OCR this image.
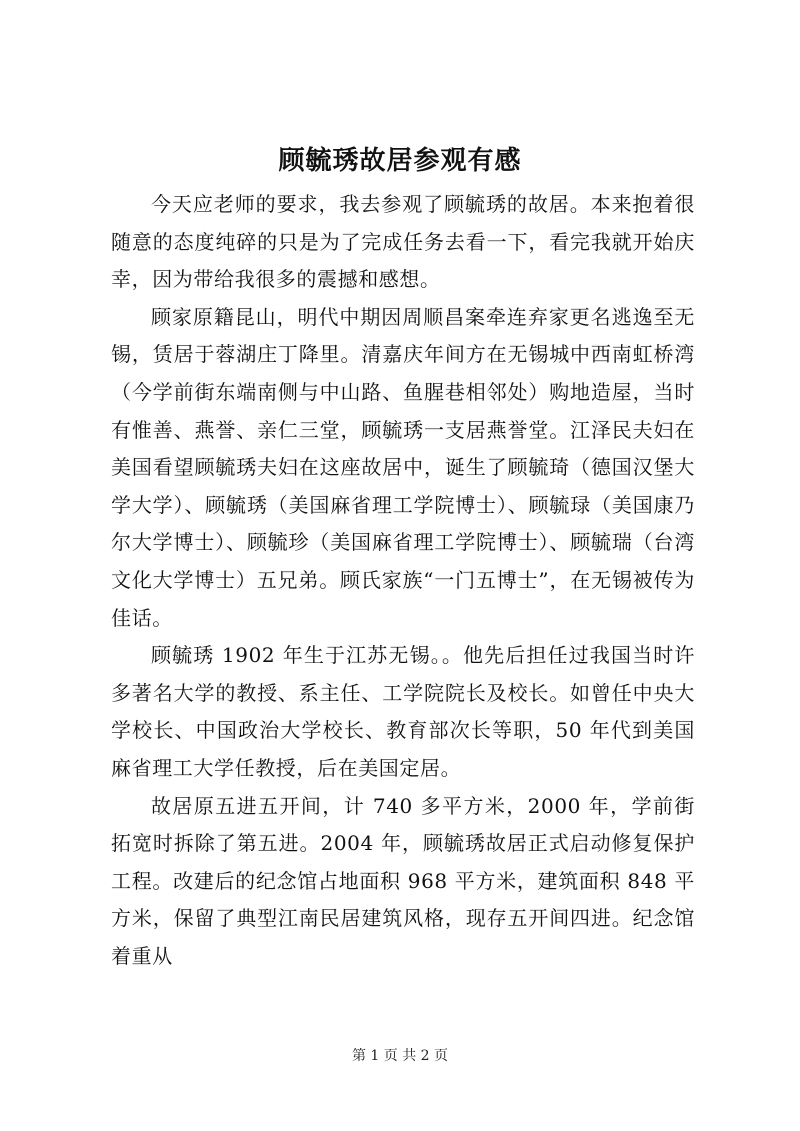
顾毓琇故居参观有感

今天应老师的要求，我去参观了顾毓琇的故居。本来抱着很随意的态度纯碎的只是为了完成任务去看一下，看完我就开始庆幸，因为带给我很多的震撼和感想。

顾家原籍昆山，明代中期因周顺昌案牵连弃家更名逃逸至无锡，赁居于蓉湖庄丁降里。清嘉庆年间方在无锡城中西南虹桥湾（今学前街东端南侧与中山路、鱼腥巷相邻处）购地造屋，当时有惟善、燕誉、亲仁三堂，顾毓琇一支居燕誉堂。江泽民夫妇在美国看望顾毓琇夫妇在这座故居中，诞生了顾毓琦（德国汉堡大学大学）、顾毓琇（美国麻省理工学院博士）、顾毓琭（美国康乃尔大学博士）、顾毓珍（美国麻省理工学院博士）、顾毓瑞（台湾文化大学博士）五兄弟。顾氏家族“一门五博士”，在无锡被传为佳话。

顾毓琇 1902 年生于江苏无锡。。他先后担任过我国当时许多著名大学的教授、系主任、工学院院长及校长。如曾任中央大学校长、中国政治大学校长、教育部次长等职，50 年代到美国麻省理工大学任教授，后在美国定居。

故居原五进五开间，计 740 多平方米，2000 年，学前街拓宽时拆除了第五进。2004 年，顾毓琇故居正式启动修复保护工程。改建后的纪念馆占地面积 968 平方米，建筑面积 848 平方米，保留了典型江南民居建筑风格，现存五开间四进。纪念馆着重从

第 1 页 共 2 页
